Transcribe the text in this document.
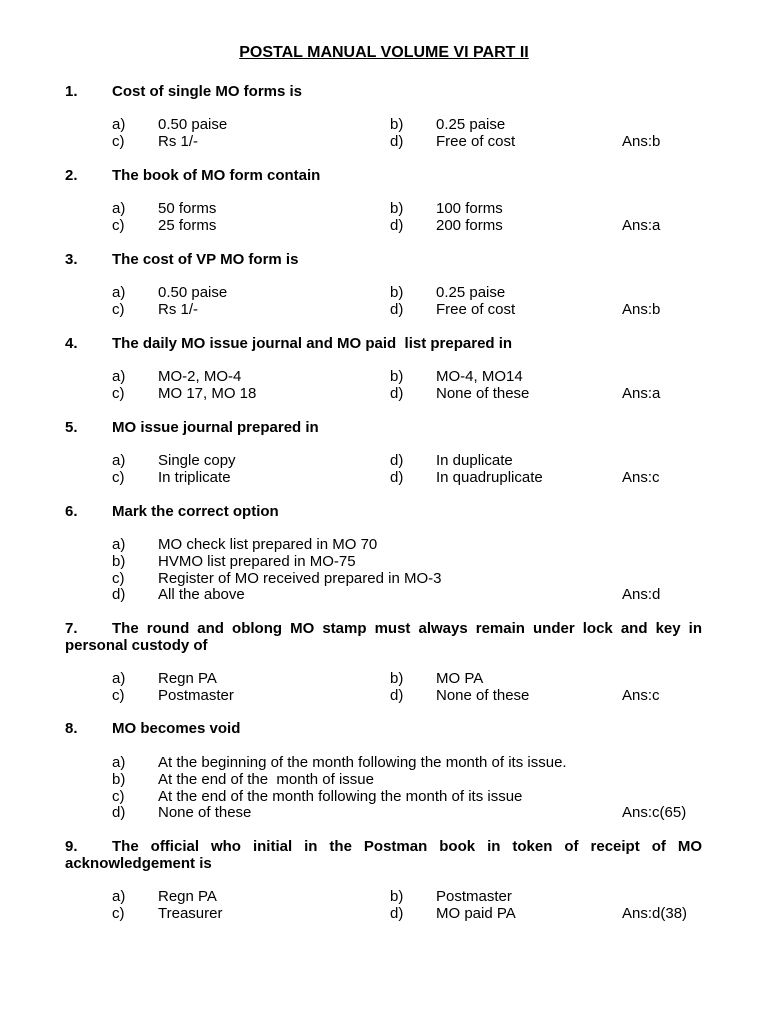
POSTAL MANUAL VOLUME VI PART II
1. Cost of single MO forms is
a) 0.50 paise	b) 0.25 paise
c) Rs 1/-	d) Free of cost	Ans:b
2. The book of MO form contain
a) 50 forms	b) 100 forms
c) 25 forms	d) 200 forms	Ans:a
3. The cost of VP MO form is
a) 0.50 paise	b) 0.25 paise
c) Rs 1/-	d) Free of cost	Ans:b
4. The daily MO issue journal and MO paid  list prepared in
a) MO-2, MO-4	b) MO-4, MO14
c) MO 17, MO 18	d) None of these	Ans:a
5. MO issue journal prepared in
a) Single copy	d) In duplicate
c) In triplicate	d) In quadruplicate	Ans:c
6. Mark the correct option
a) MO check list prepared in MO 70
b) HVMO list prepared in MO-75
c) Register of MO received prepared in MO-3
d) All the above	Ans:d
7. The round and oblong MO stamp must always remain under lock and key in personal custody of
a) Regn PA	b) MO PA
c) Postmaster	d) None of these	Ans:c
8. MO becomes void
a) At the beginning of the month following the month of its issue.
b) At the end of the  month of issue
c) At the end of the month following the month of its issue
d) None of these	Ans:c(65)
9. The official who initial in the Postman book in token of receipt of MO acknowledgement is
a) Regn PA	b) Postmaster
c) Treasurer	d) MO paid PA	Ans:d(38)
